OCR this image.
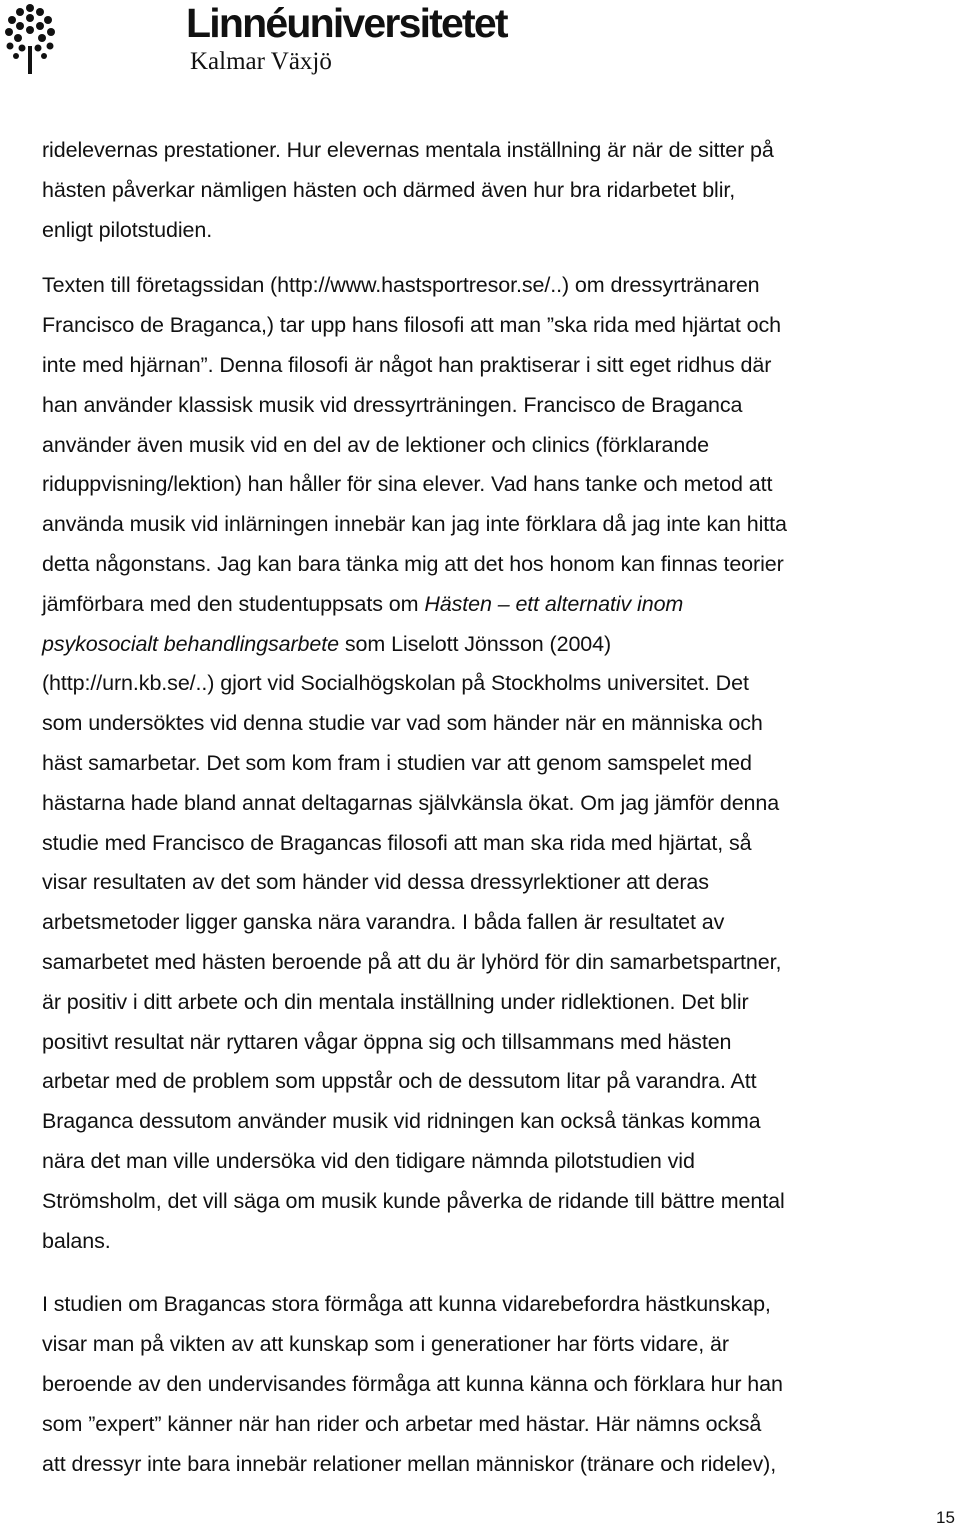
Linnéuniversitetet
Kalmar Växjö

ridelevernas prestationer. Hur elevernas mentala inställning är när de sitter på
hästen påverkar nämligen hästen och därmed även hur bra ridarbetet blir,
enligt pilotstudien.

Texten till företagssidan (http://www.hastsportresor.se/..) om dressyrtränaren
Francisco de Braganca,) tar upp hans filosofi att man ”ska rida med hjärtat och
inte med hjärnan”. Denna filosofi är något han praktiserar i sitt eget ridhus där
han använder klassisk musik vid dressyrträningen. Francisco de Braganca
använder även musik vid en del av de lektioner och clinics (förklarande
riduppvisning/lektion) han håller för sina elever. Vad hans tanke och metod att
använda musik vid inlärningen innebär kan jag inte förklara då jag inte kan hitta
detta någonstans. Jag kan bara tänka mig att det hos honom kan finnas teorier
jämförbara med den studentuppsats om Hästen – ett alternativ inom
psykosocialt behandlingsarbete som Liselott Jönsson (2004)
(http://urn.kb.se/..) gjort vid Socialhögskolan på Stockholms universitet. Det
som undersöktes vid denna studie var vad som händer när en människa och
häst samarbetar. Det som kom fram i studien var att genom samspelet med
hästarna hade bland annat deltagarnas självkänsla ökat. Om jag jämför denna
studie med Francisco de Bragancas filosofi att man ska rida med hjärtat, så
visar resultaten av det som händer vid dessa dressyrlektioner att deras
arbetsmetoder ligger ganska nära varandra. I båda fallen är resultatet av
samarbetet med hästen beroende på att du är lyhörd för din samarbetspartner,
är positiv i ditt arbete och din mentala inställning under ridlektionen. Det blir
positivt resultat när ryttaren vågar öppna sig och tillsammans med hästen
arbetar med de problem som uppstår och de dessutom litar på varandra. Att
Braganca dessutom använder musik vid ridningen kan också tänkas komma
nära det man ville undersöka vid den tidigare nämnda pilotstudien vid
Strömsholm, det vill säga om musik kunde påverka de ridande till bättre mental
balans.

I studien om Bragancas stora förmåga att kunna vidarebefordra hästkunskap,
visar man på vikten av att kunskap som i generationer har förts vidare, är
beroende av den undervisandes förmåga att kunna känna och förklara hur han
som ”expert” känner när han rider och arbetar med hästar. Här nämns också
att dressyr inte bara innebär relationer mellan människor (tränare och ridelev),

15
